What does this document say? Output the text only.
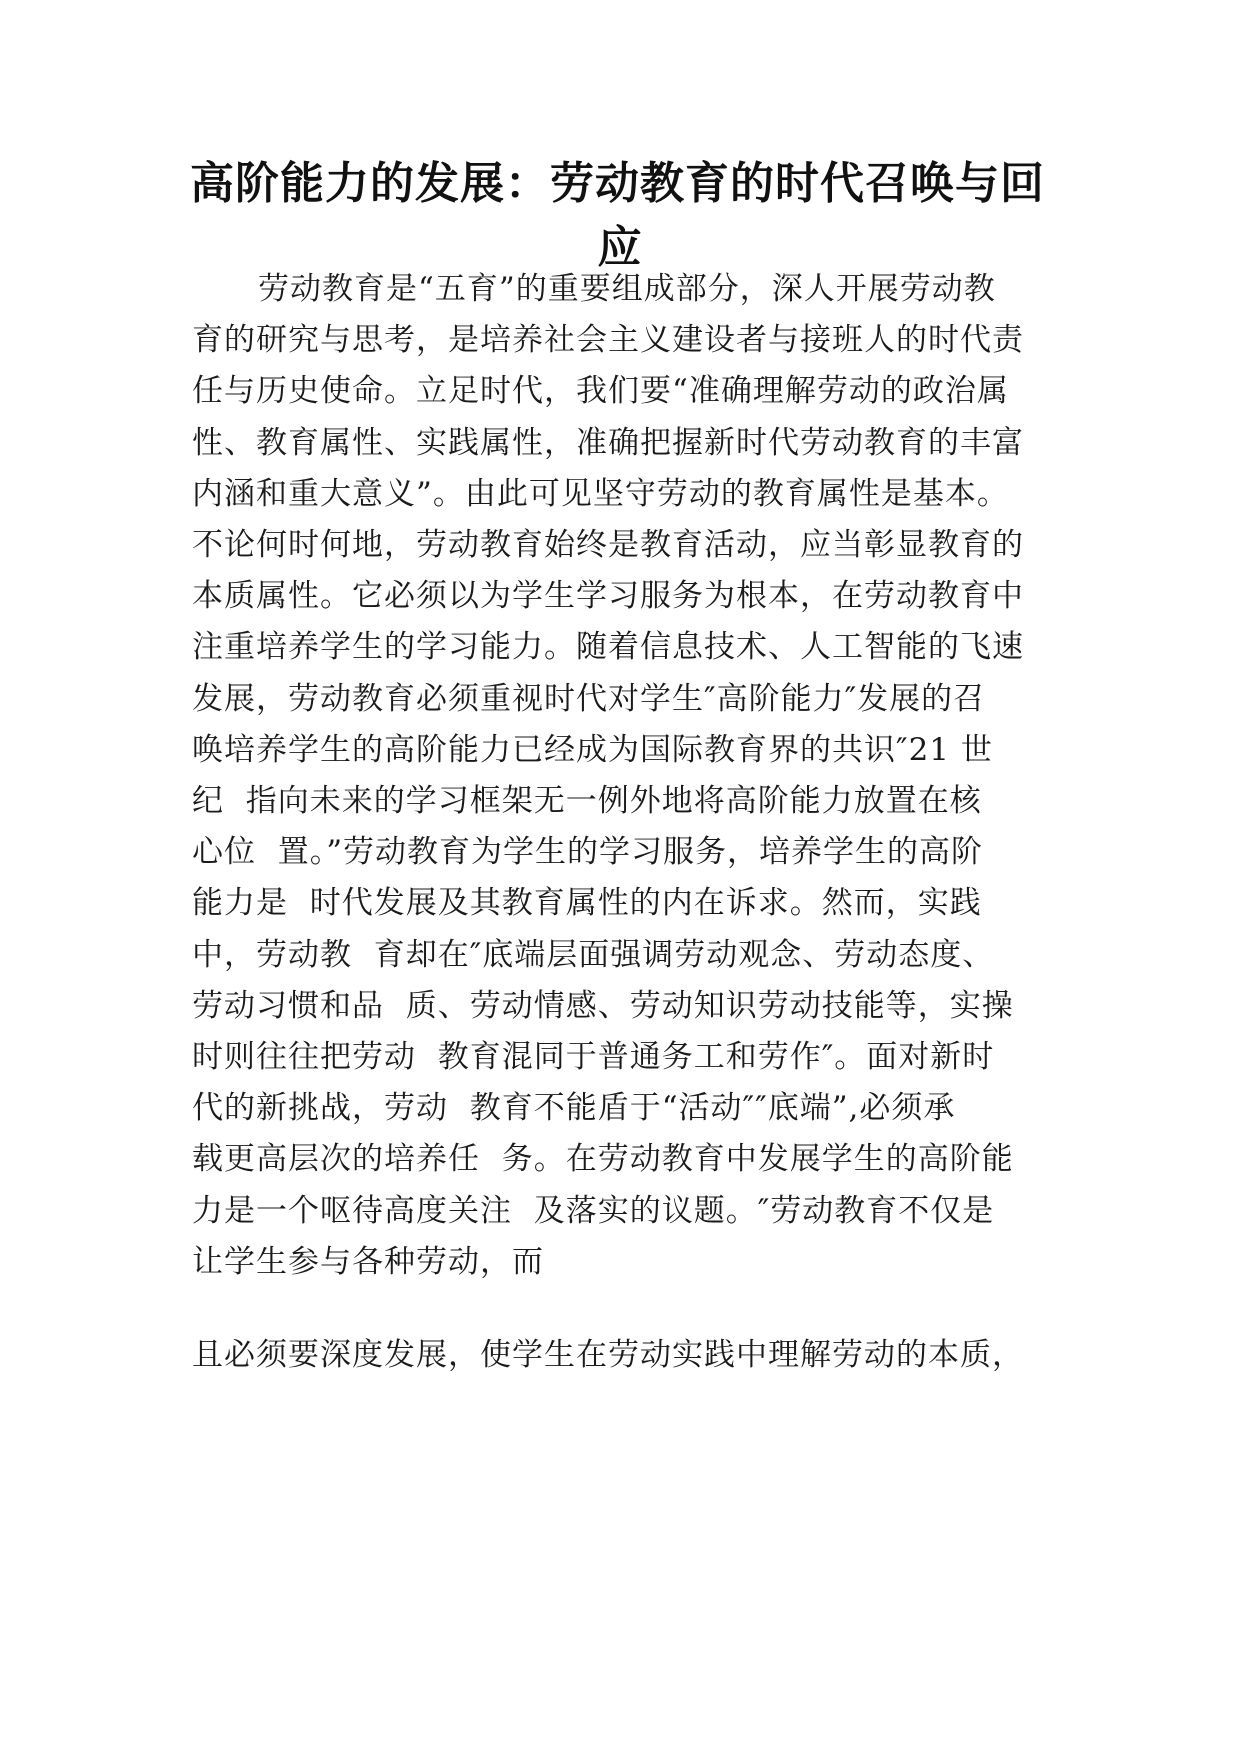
高阶能力的发展：劳动教育的时代召唤与回
应
劳动教育是“五育”的重要组成部分，深人开展劳动教
育的研究与思考，是培养社会主义建设者与接班人的时代责
任与历史使命。立足时代，我们要“准确理解劳动的政治属
性、教育属性、实践属性，准确把握新时代劳动教育的丰富
内涵和重大意义”。由此可见坚守劳动的教育属性是基本。
不论何时何地，劳动教育始终是教育活动，应当彰显教育的
本质属性。它必须以为学生学习服务为根本，在劳动教育中
注重培养学生的学习能力。随着信息技术、人工智能的飞速
发展，劳动教育必须重视时代对学生″高阶能力″发展的召
唤培养学生的高阶能力已经成为国际教育界的共识″21 世
纪  指向未来的学习框架无一例外地将高阶能力放置在核
心位  置。”劳动教育为学生的学习服务，培养学生的高阶
能力是  时代发展及其教育属性的内在诉求。然而，实践
中，劳动教  育却在″底端层面强调劳动观念、劳动态度、
劳动习惯和品  质、劳动情感、劳动知识劳动技能等，实操
时则往往把劳动  教育混同于普通务工和劳作″。面对新时
代的新挑战，劳动  教育不能盾于“活动″″底端”,必须承
载更高层次的培养任  务。在劳动教育中发展学生的高阶能
力是一个呕待高度关注  及落实的议题。″劳动教育不仅是
让学生参与各种劳动，而
且必须要深度发展，使学生在劳动实践中理解劳动的本质，
